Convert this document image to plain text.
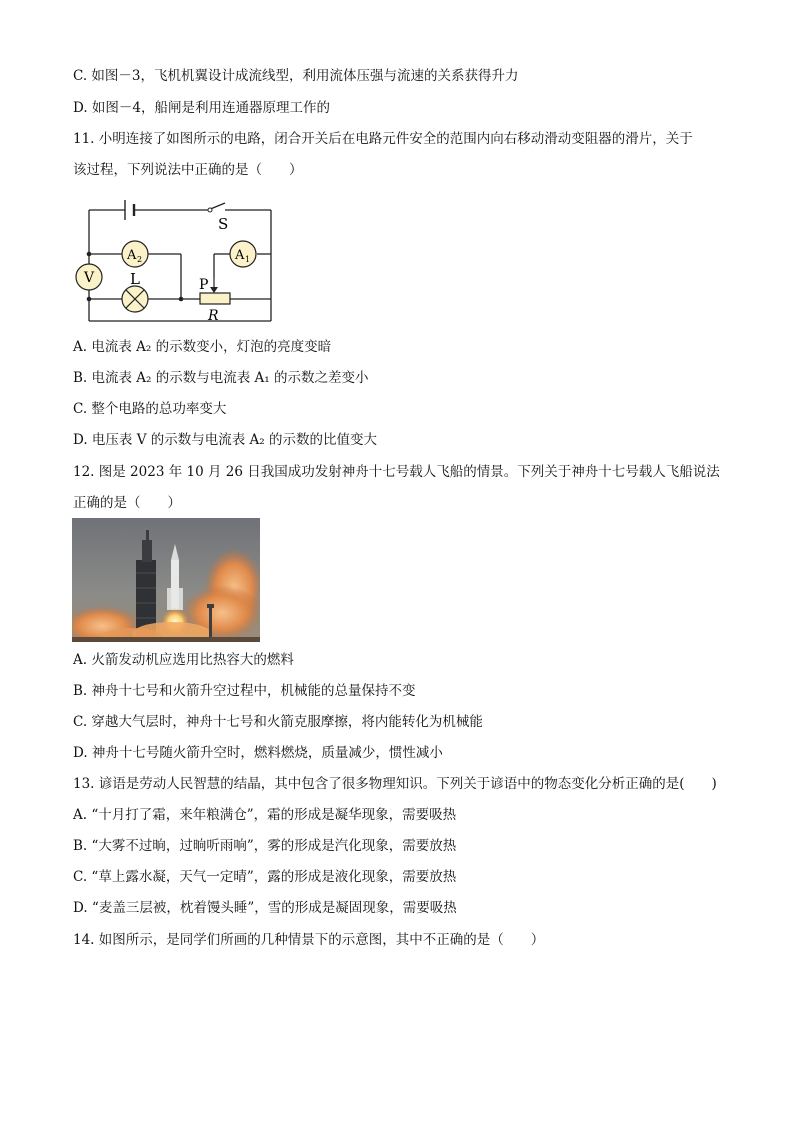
C. 如图－3，飞机机翼设计成流线型，利用流体压强与流速的关系获得升力
D. 如图－4，船闸是利用连通器原理工作的
11. 小明连接了如图所示的电路，闭合开关后在电路元件安全的范围内向右移动滑动变阻器的滑片，关于
该过程，下列说法中正确的是（　　）
S
V
A 2	A 1
L	P
R
A. 电流表 A₂ 的示数变小，灯泡的亮度变暗
B. 电流表 A₂ 的示数与电流表 A₁ 的示数之差变小
C. 整个电路的总功率变大
D. 电压表 V 的示数与电流表 A₂ 的示数的比值变大
12. 图是 2023 年 10 月 26 日我国成功发射神舟十七号载人飞船的情景。下列关于神舟十七号载人飞船说法
正确的是（　　）
A. 火箭发动机应选用比热容大的燃料
B. 神舟十七号和火箭升空过程中，机械能的总量保持不变
C. 穿越大气层时，神舟十七号和火箭克服摩擦，将内能转化为机械能
D. 神舟十七号随火箭升空时，燃料燃烧，质量减少，惯性减小
13. 谚语是劳动人民智慧的结晶，其中包含了很多物理知识。下列关于谚语中的物态变化分析正确的是(　　)
A. “十月打了霜，来年粮满仓”，霜的形成是凝华现象，需要吸热
B. “大雾不过晌，过晌听雨响”，雾的形成是汽化现象，需要放热
C. “草上露水凝，天气一定晴”，露的形成是液化现象，需要放热
D. “麦盖三层被，枕着馒头睡”，雪的形成是凝固现象，需要吸热
14. 如图所示，是同学们所画的几种情景下的示意图，其中不正确的是（　　）
